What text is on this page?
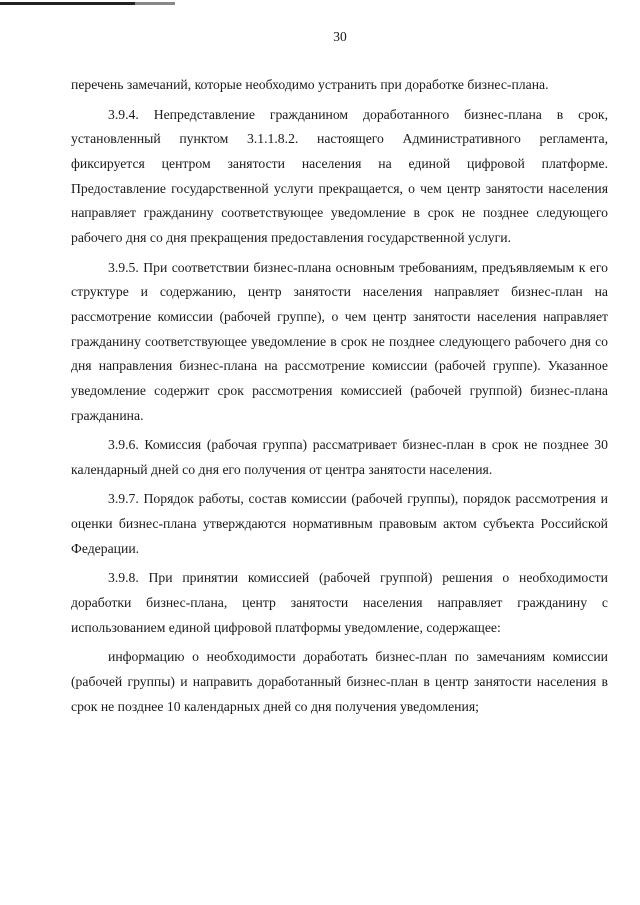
30

перечень замечаний, которые необходимо устранить при доработке бизнес-плана.

3.9.4. Непредставление гражданином доработанного бизнес-плана в срок, установленный пунктом 3.1.1.8.2. настоящего Административного регламента, фиксируется центром занятости населения на единой цифровой платформе. Предоставление государственной услуги прекращается, о чем центр занятости населения направляет гражданину соответствующее уведомление в срок не позднее следующего рабочего дня со дня прекращения предоставления государственной услуги.

3.9.5. При соответствии бизнес-плана основным требованиям, предъявляемым к его структуре и содержанию, центр занятости населения направляет бизнес-план на рассмотрение комиссии (рабочей группе), о чем центр занятости населения направляет гражданину соответствующее уведомление в срок не позднее следующего рабочего дня со дня направления бизнес-плана на рассмотрение комиссии (рабочей группе). Указанное уведомление содержит срок рассмотрения комиссией (рабочей группой) бизнес-плана гражданина.

3.9.6. Комиссия (рабочая группа) рассматривает бизнес-план в срок не позднее 30 календарный дней со дня его получения от центра занятости населения.

3.9.7. Порядок работы, состав комиссии (рабочей группы), порядок рассмотрения и оценки бизнес-плана утверждаются нормативным правовым актом субъекта Российской Федерации.

3.9.8. При принятии комиссией (рабочей группой) решения о необходимости доработки бизнес-плана, центр занятости населения направляет гражданину с использованием единой цифровой платформы уведомление, содержащее:

информацию о необходимости доработать бизнес-план по замечаниям комиссии (рабочей группы) и направить доработанный бизнес-план в центр занятости населения в срок не позднее 10 календарных дней со дня получения уведомления;
